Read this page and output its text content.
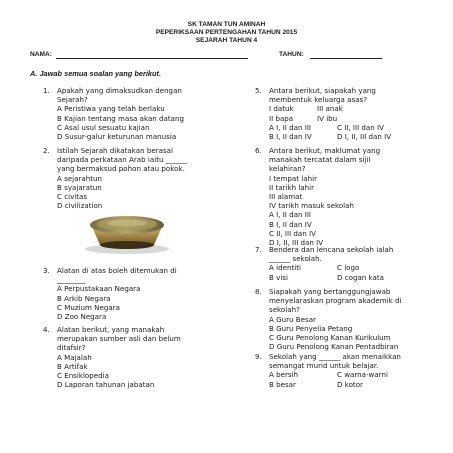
SK TAMAN TUN AMINAH
PEPERIKSAAN PERTENGAHAN TAHUN 2015
SEJARAH TAHUN 4
NAMA:	TAHUN:
A. Jawab semua soalan yang berikut.
1. Apakah yang dimaksudkan dengan
Sejarah?
A Peristiwa yang telah berlaku
B Kajian tentang masa akan datang
C Asal usul sesuatu kajian
D Susur-galur keturunan manusia
2. Istilah Sejarah dikatakan berasal
daripada perkataan Arab iaitu ______
yang bermaksud pohon atau pokok.
A sejarahtun
B syajaratun
C civitas
D civilization
3. Alatan di atas boleh ditemukan di
________
A Perpustakaan Negara
B Arkib Negara
C Muzium Negara
D Zoo Negara
4. Alatan berikut, yang manakah
merupakan sumber asli dan belum
ditafsir?
A Majalah
B Artifak
C Ensiklopedia
D Laporan tahunan jabatan
5. Antara berikut, siapakah yang
membentuk keluarga asas?
I datuk	III anak
II bapa	IV ibu
A I, II dan III	C II, III dan IV
B I, II dan IV	D I, II, III dan IV
6. Antara berikut, maklumat yang
manakah tercatat dalam sijil
kelahiran?
I tempat lahir
II tarikh lahir
III alamat
IV tarikh masuk sekolah
A I, II dan III
B I, II dan IV
C II, III dan IV
D I, II, III dan IV
7. Bendera dan lencana sekolah ialah
______ sekolah.
A identiti	C logo
B visi	D cogan kata
8. Siapakah yang bertanggungjawab
menyelaraskan program akademik di
sekolah?
A Guru Besar
B Guru Penyelia Petang
C Guru Penolong Kanan Kurikulum
D Guru Penolong Kanan Pentadbiran
9. Sekolah yang ______ akan menaikkan
semangat murid untuk belajar.
A bersih	C warna-warni
B besar	D kotor
